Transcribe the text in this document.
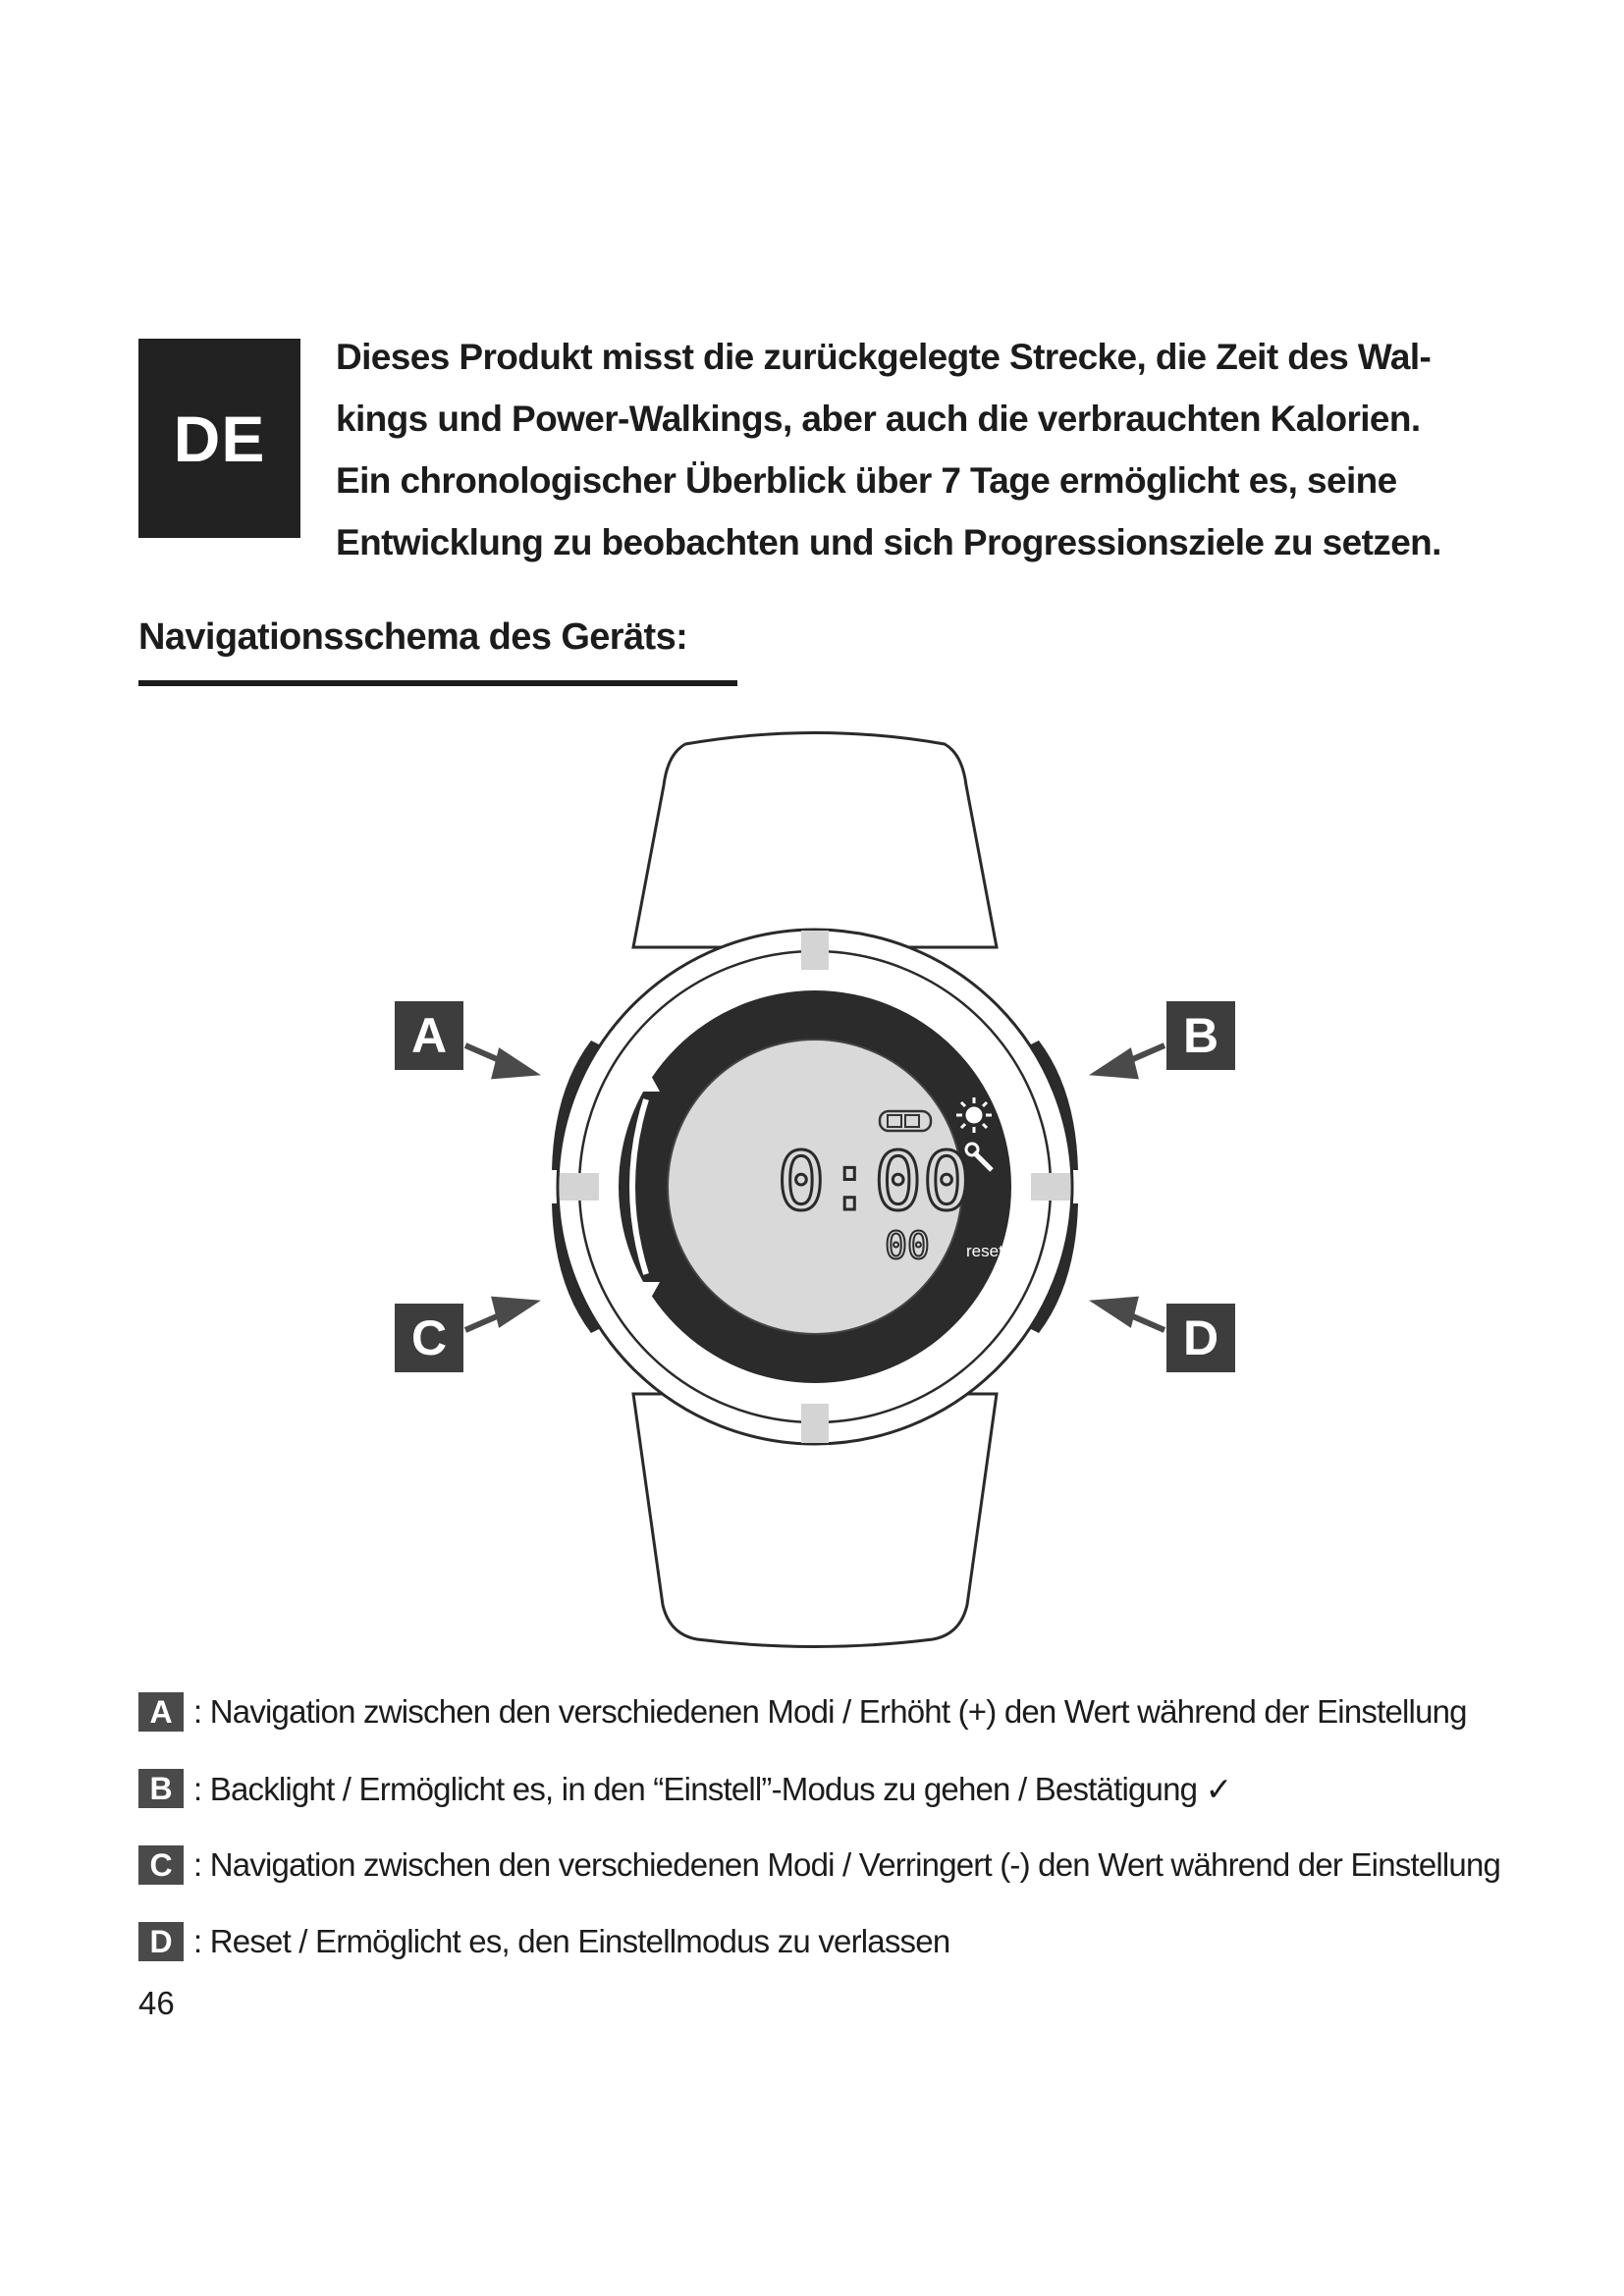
DE
Dieses Produkt misst die zurückgelegte Strecke, die Zeit des Wal-
kings und Power-Walkings, aber auch die verbrauchten Kalorien.
Ein chronologischer Überblick über 7 Tage ermöglicht es, seine
Entwicklung zu beobachten und sich Progressionsziele zu setzen.
Navigationsschema des Geräts:
0:00
00 reset
A	B
C	D
A : Navigation zwischen den verschiedenen Modi / Erhöht (+) den Wert während der Einstellung
B : Backlight / Ermöglicht es, in den “Einstell”-Modus zu gehen / Bestätigung ✓
C : Navigation zwischen den verschiedenen Modi / Verringert (-) den Wert während der Einstellung
D : Reset / Ermöglicht es, den Einstellmodus zu verlassen
46
